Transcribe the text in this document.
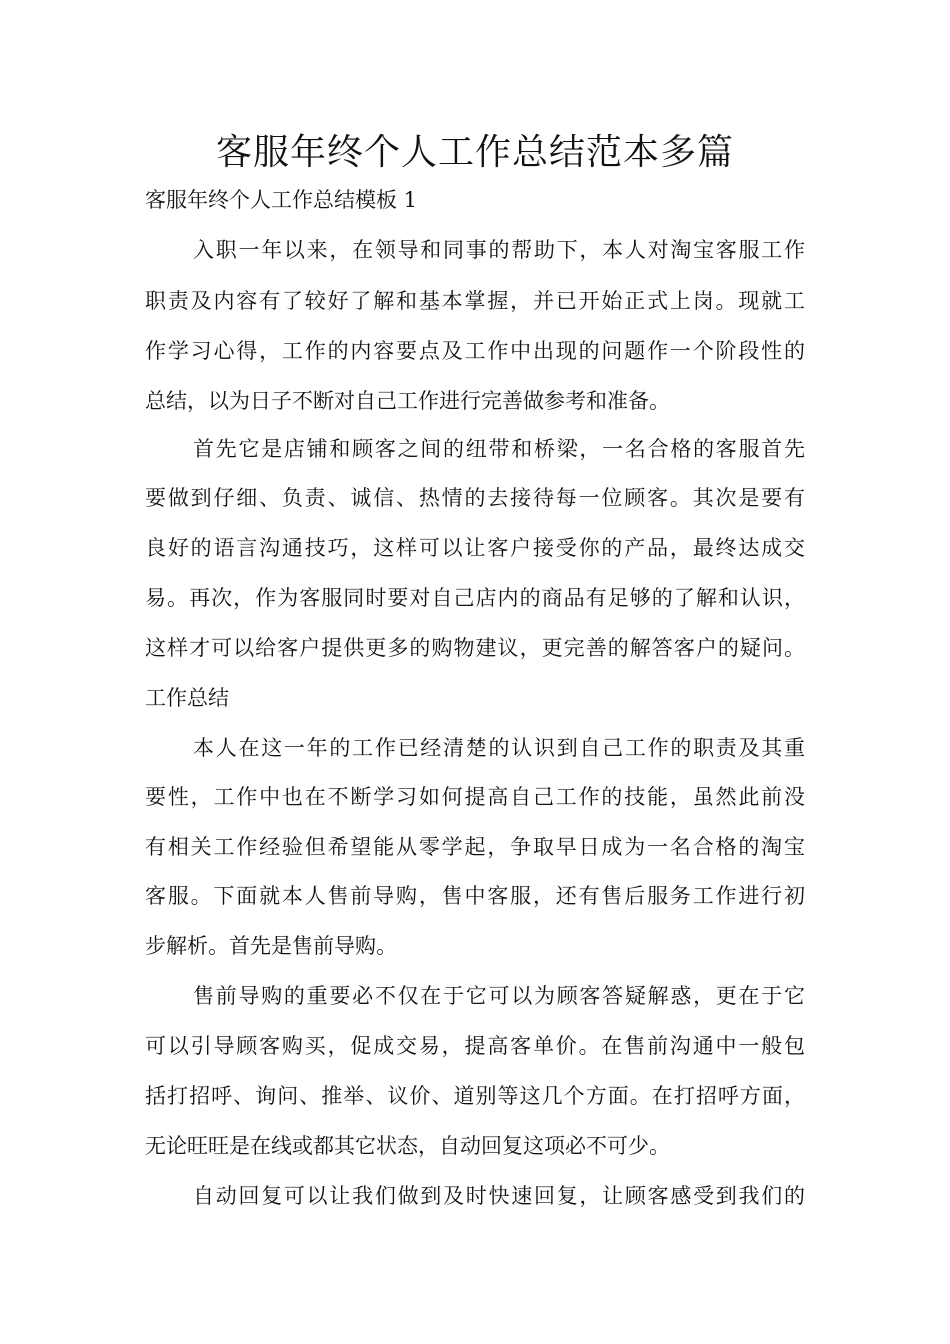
客服年终个人工作总结范本多篇
客服年终个人工作总结模板 1

入职一年以来，在领导和同事的帮助下，本人对淘宝客服工作

职责及内容有了较好了解和基本掌握，并已开始正式上岗。现就工

作学习心得，工作的内容要点及工作中出现的问题作一个阶段性的

总结，以为日子不断对自己工作进行完善做参考和准备。

首先它是店铺和顾客之间的纽带和桥梁，一名合格的客服首先

要做到仔细、负责、诚信、热情的去接待每一位顾客。其次是要有

良好的语言沟通技巧，这样可以让客户接受你的产品，最终达成交

易。再次，作为客服同时要对自己店内的商品有足够的了解和认识，

这样才可以给客户提供更多的购物建议，更完善的解答客户的疑问。

工作总结

本人在这一年的工作已经清楚的认识到自己工作的职责及其重

要性，工作中也在不断学习如何提高自己工作的技能，虽然此前没

有相关工作经验但希望能从零学起，争取早日成为一名合格的淘宝

客服。下面就本人售前导购，售中客服，还有售后服务工作进行初

步解析。首先是售前导购。

售前导购的重要必不仅在于它可以为顾客答疑解惑，更在于它

可以引导顾客购买，促成交易，提高客单价。在售前沟通中一般包

括打招呼、询问、推举、议价、道别等这几个方面。在打招呼方面，

无论旺旺是在线或都其它状态，自动回复这项必不可少。

自动回复可以让我们做到及时快速回复，让顾客感受到我们的
